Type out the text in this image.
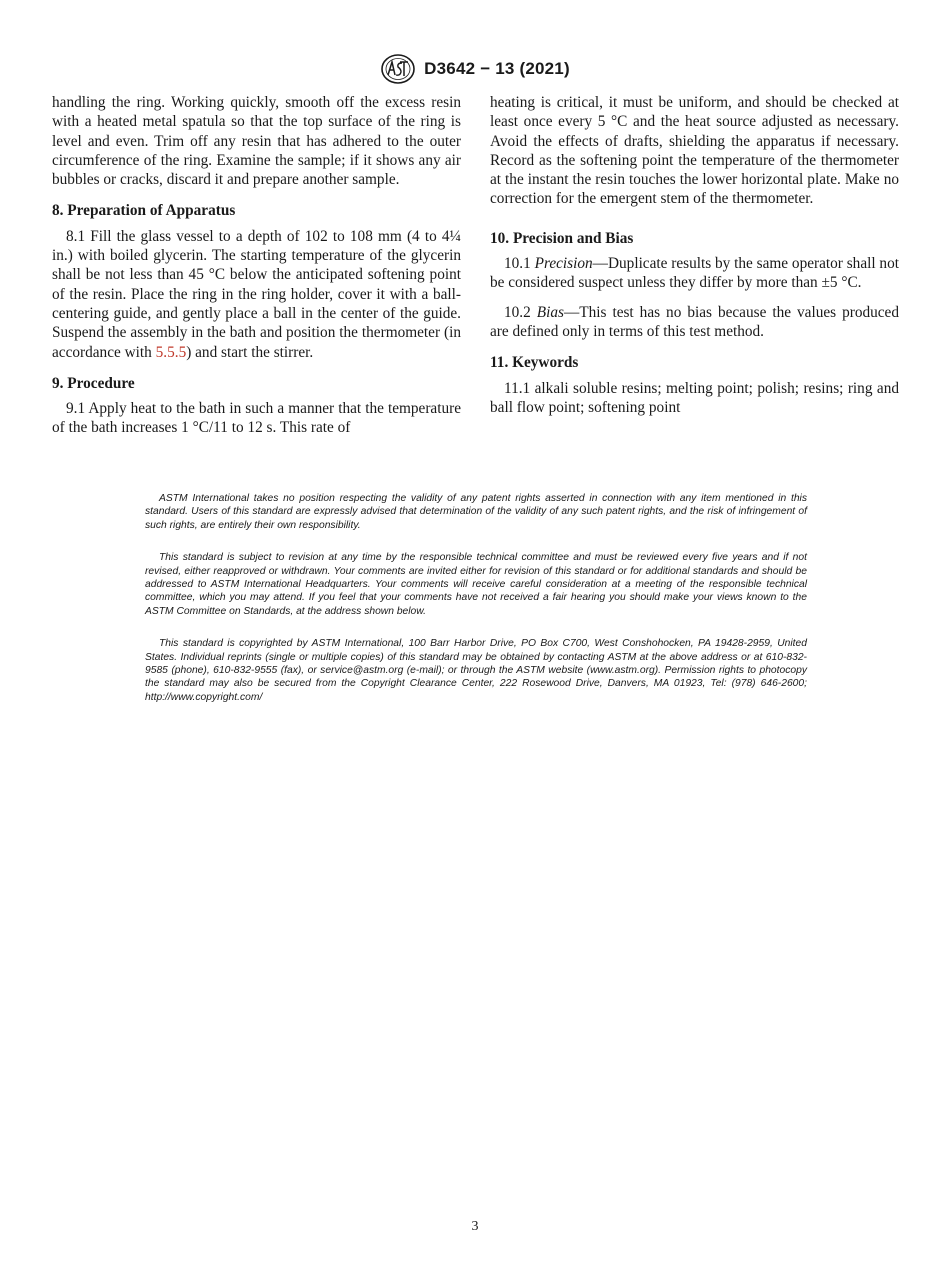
D3642 − 13 (2021)

handling the ring. Working quickly, smooth off the excess resin with a heated metal spatula so that the top surface of the ring is level and even. Trim off any resin that has adhered to the outer circumference of the ring. Examine the sample; if it shows any air bubbles or cracks, discard it and prepare another sample.

8. Preparation of Apparatus

8.1 Fill the glass vessel to a depth of 102 to 108 mm (4 to 4¼ in.) with boiled glycerin. The starting temperature of the glycerin shall be not less than 45 °C below the anticipated softening point of the resin. Place the ring in the ring holder, cover it with a ball-centering guide, and gently place a ball in the center of the guide. Suspend the assembly in the bath and position the thermometer (in accordance with 5.5.5) and start the stirrer.

9. Procedure

9.1 Apply heat to the bath in such a manner that the temperature of the bath increases 1 °C/11 to 12 s. This rate of

heating is critical, it must be uniform, and should be checked at least once every 5 °C and the heat source adjusted as necessary. Avoid the effects of drafts, shielding the apparatus if necessary. Record as the softening point the temperature of the thermometer at the instant the resin touches the lower horizontal plate. Make no correction for the emergent stem of the thermometer.

10. Precision and Bias

10.1 Precision—Duplicate results by the same operator shall not be considered suspect unless they differ by more than ±5 °C.

10.2 Bias—This test has no bias because the values produced are defined only in terms of this test method.

11. Keywords

11.1 alkali soluble resins; melting point; polish; resins; ring and ball flow point; softening point

ASTM International takes no position respecting the validity of any patent rights asserted in connection with any item mentioned in this standard. Users of this standard are expressly advised that determination of the validity of any such patent rights, and the risk of infringement of such rights, are entirely their own responsibility.

This standard is subject to revision at any time by the responsible technical committee and must be reviewed every five years and if not revised, either reapproved or withdrawn. Your comments are invited either for revision of this standard or for additional standards and should be addressed to ASTM International Headquarters. Your comments will receive careful consideration at a meeting of the responsible technical committee, which you may attend. If you feel that your comments have not received a fair hearing you should make your views known to the ASTM Committee on Standards, at the address shown below.

This standard is copyrighted by ASTM International, 100 Barr Harbor Drive, PO Box C700, West Conshohocken, PA 19428-2959, United States. Individual reprints (single or multiple copies) of this standard may be obtained by contacting ASTM at the above address or at 610-832-9585 (phone), 610-832-9555 (fax), or service@astm.org (e-mail); or through the ASTM website (www.astm.org). Permission rights to photocopy the standard may also be secured from the Copyright Clearance Center, 222 Rosewood Drive, Danvers, MA 01923, Tel: (978) 646-2600; http://www.copyright.com/

3
